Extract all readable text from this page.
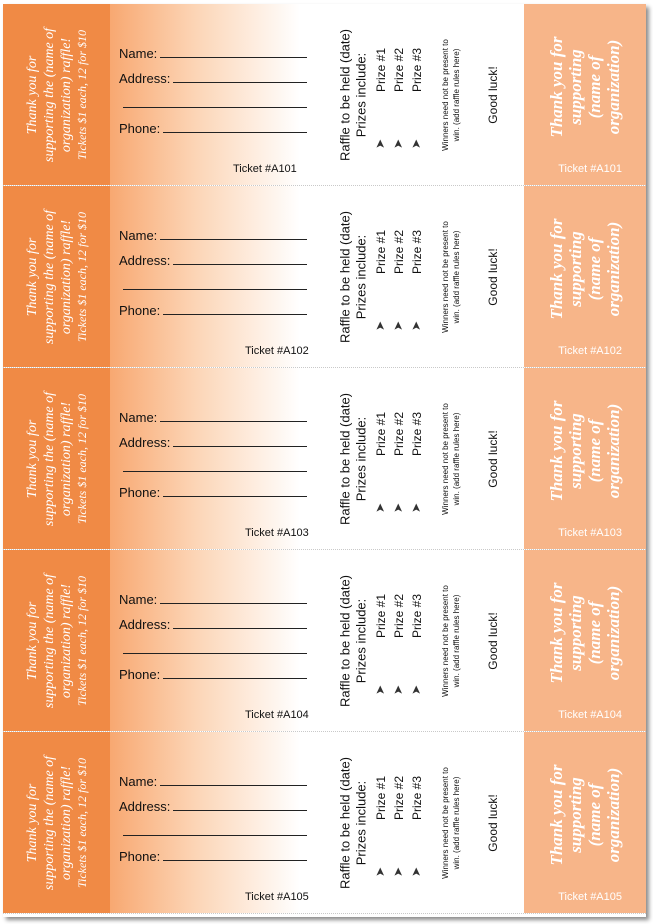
Thank you for supporting the (name of organization) raffle! Tickets $1 each, 12 for $10 Name:
Address:
Phone:
Ticket #A101
Raffle to be held (date) Prizes include: Prize #1 Prize #2 Prize #3
➤ ➤ ➤ Winners need not be present to win. (add raffle rules here) Good luck!	Thank you for supporting (name of organization)
Ticket #A101
Thank you for supporting the (name of organization) raffle! Tickets $1 each, 12 for $10 Name:
Address:
Phone:
Ticket #A102
Raffle to be held (date) Prizes include: Prize #1 Prize #2 Prize #3
➤ ➤ ➤ Winners need not be present to win. (add raffle rules here) Good luck!	Thank you for supporting (name of organization)
Ticket #A102
Thank you for supporting the (name of organization) raffle! Tickets $1 each, 12 for $10 Name:
Address:
Phone:
Ticket #A103
Raffle to be held (date) Prizes include: Prize #1 Prize #2 Prize #3
➤ ➤ ➤ Winners need not be present to win. (add raffle rules here) Good luck!	Thank you for supporting (name of organization)
Ticket #A103
Thank you for supporting the (name of organization) raffle! Tickets $1 each, 12 for $10 Name:
Address:
Phone:
Ticket #A104
Raffle to be held (date) Prizes include: Prize #1 Prize #2 Prize #3
➤ ➤ ➤ Winners need not be present to win. (add raffle rules here) Good luck!	Thank you for supporting (name of organization)
Ticket #A104
Thank you for supporting the (name of organization) raffle! Tickets $1 each, 12 for $10 Name:
Address:
Phone:
Ticket #A105
Raffle to be held (date) Prizes include: Prize #1 Prize #2 Prize #3
➤ ➤ ➤ Winners need not be present to win. (add raffle rules here) Good luck!	Thank you for supporting (name of organization)
Ticket #A105
